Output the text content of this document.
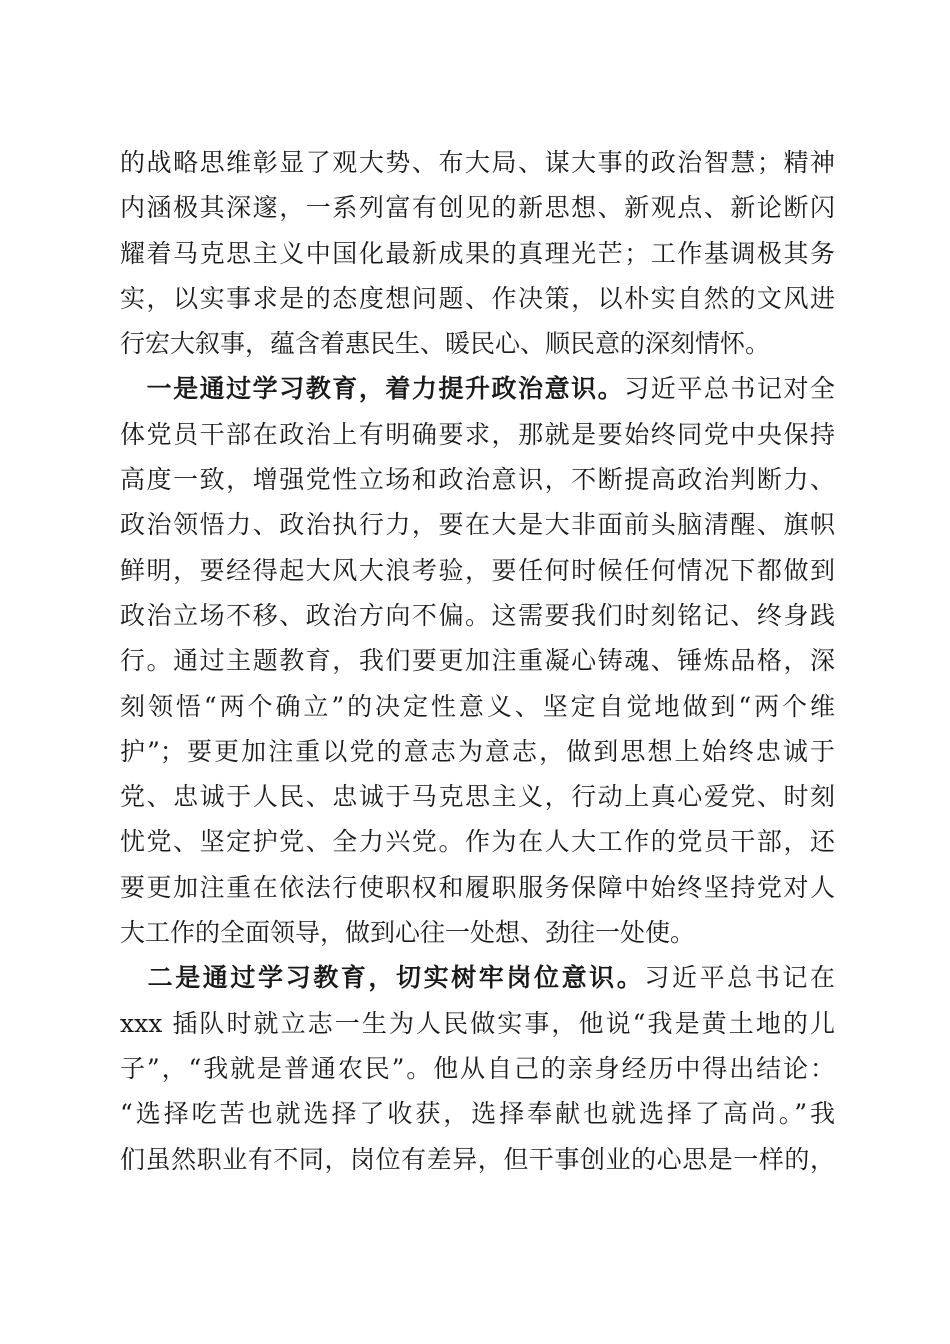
的战略思维彰显了观大势、布大局、谋大事的政治智慧；精神
内涵极其深邃，一系列富有创见的新思想、新观点、新论断闪
耀着马克思主义中国化最新成果的真理光芒；工作基调极其务
实，以实事求是的态度想问题、作决策，以朴实自然的文风进
行宏大叙事，蕴含着惠民生、暖民心、顺民意的深刻情怀。
　一是通过学习教育，着力提升政治意识。习近平总书记对全
体党员干部在政治上有明确要求，那就是要始终同党中央保持
高度一致，增强党性立场和政治意识，不断提高政治判断力、
政治领悟力、政治执行力，要在大是大非面前头脑清醒、旗帜
鲜明，要经得起大风大浪考验，要任何时候任何情况下都做到
政治立场不移、政治方向不偏。这需要我们时刻铭记、终身践
行。通过主题教育，我们要更加注重凝心铸魂、锤炼品格，深
刻领悟“两个确立”的决定性意义、坚定自觉地做到“两个维
护”；要更加注重以党的意志为意志，做到思想上始终忠诚于
党、忠诚于人民、忠诚于马克思主义，行动上真心爱党、时刻
忧党、坚定护党、全力兴党。作为在人大工作的党员干部，还
要更加注重在依法行使职权和履职服务保障中始终坚持党对人
大工作的全面领导，做到心往一处想、劲往一处使。
　二是通过学习教育，切实树牢岗位意识。习近平总书记在
xxx 插队时就立志一生为人民做实事，他说“我是黄土地的儿
子”，“我就是普通农民”。他从自己的亲身经历中得出结论：
“选择吃苦也就选择了收获，选择奉献也就选择了高尚。”我
们虽然职业有不同，岗位有差异，但干事创业的心思是一样的，
